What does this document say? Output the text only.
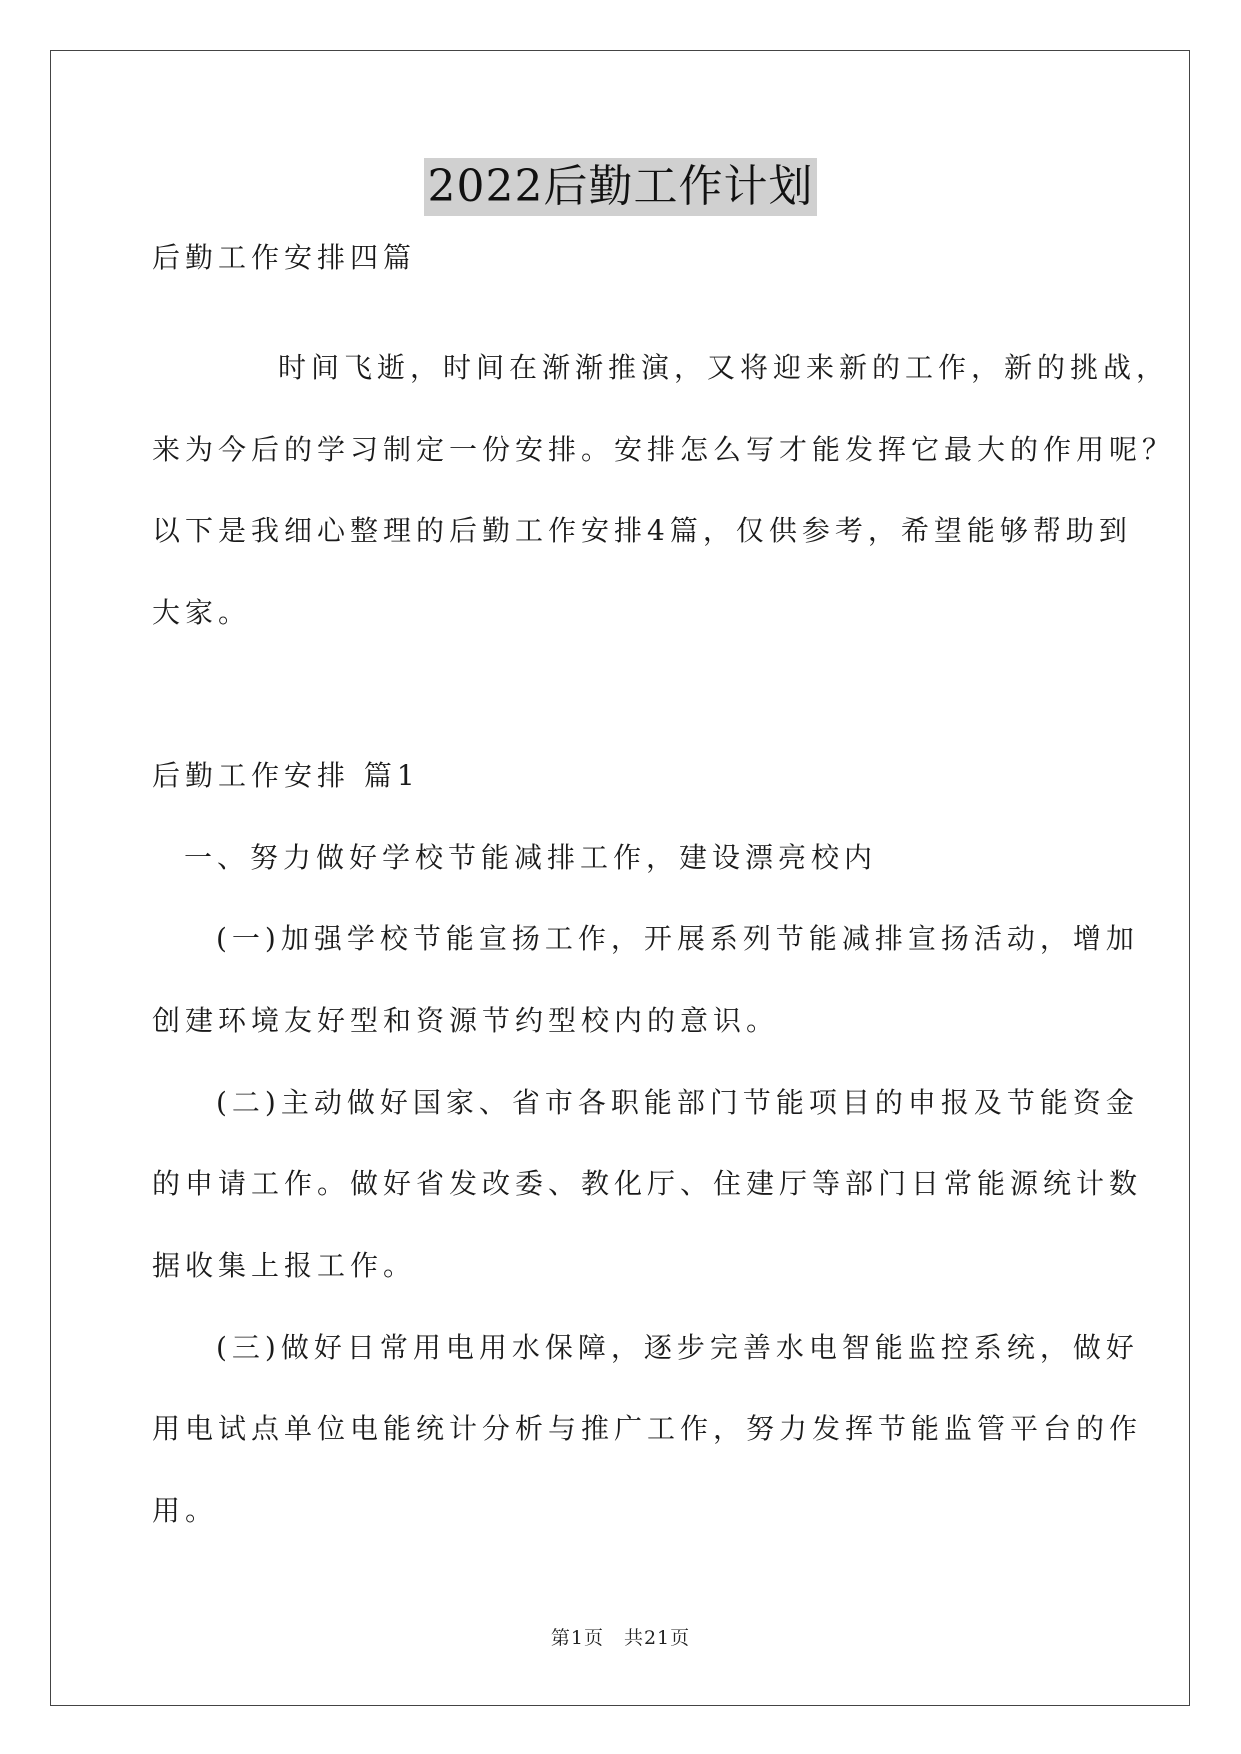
2022后勤工作计划
后勤工作安排四篇
时间飞逝，时间在渐渐推演，又将迎来新的工作，新的挑战，
来为今后的学习制定一份安排。安排怎么写才能发挥它最大的作用呢？
以下是我细心整理的后勤工作安排4篇，仅供参考，希望能够帮助到
大家。
后勤工作安排 篇1
一、努力做好学校节能减排工作，建设漂亮校内
(一)加强学校节能宣扬工作，开展系列节能减排宣扬活动，增加
创建环境友好型和资源节约型校内的意识。
(二)主动做好国家、省市各职能部门节能项目的申报及节能资金
的申请工作。做好省发改委、教化厅、住建厅等部门日常能源统计数
据收集上报工作。
(三)做好日常用电用水保障，逐步完善水电智能监控系统，做好
用电试点单位电能统计分析与推广工作，努力发挥节能监管平台的作
用。
第1页　共21页
